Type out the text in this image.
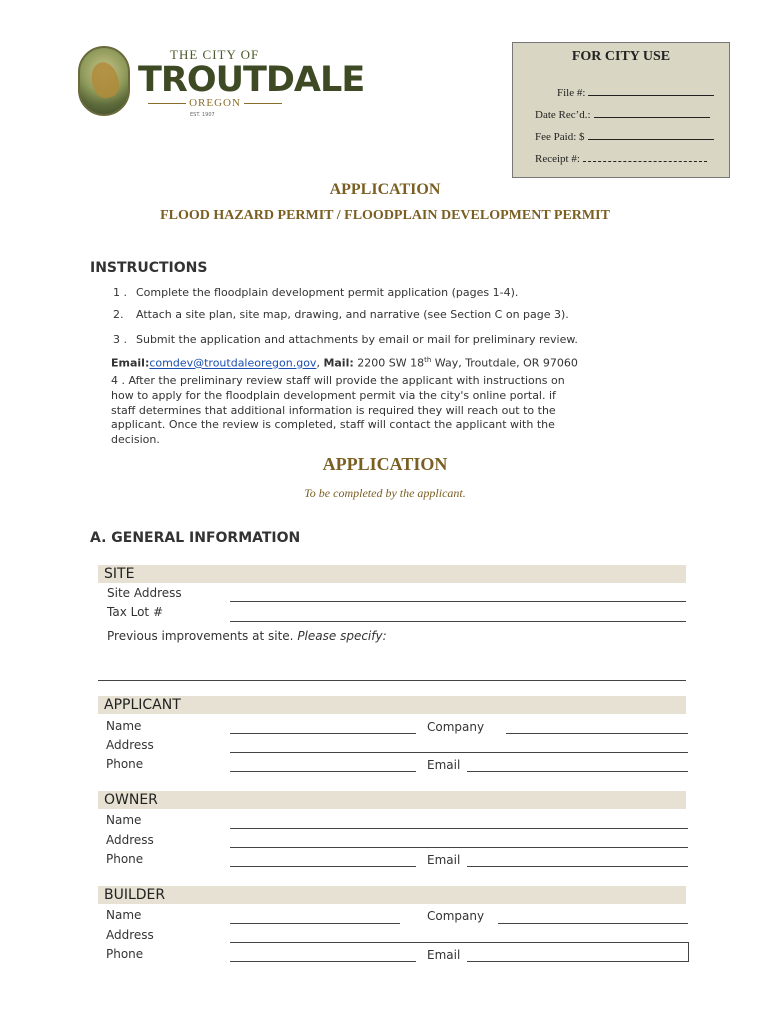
THE CITY OF
TROUTDALE
OREGON
EST. 1907
FOR CITY USE
File #:
Date Rec’d.:
Fee Paid: $
Receipt #:
APPLICATION
FLOOD HAZARD PERMIT / FLOODPLAIN DEVELOPMENT PERMIT
INSTRUCTIONS
1 . Complete the floodplain development permit application (pages 1-4).
2. Attach a site plan, site map, drawing, and narrative (see Section C on page 3).
3 . Submit the application and attachments by email or mail for preliminary review.
Email:comdev@troutdaleoregon.gov, Mail: 2200 SW 18th Way, Troutdale, OR 97060
4 . After the preliminary review staff will provide the applicant with instructions on
how to apply for the floodplain development permit via the city's online portal. if
staff determines that additional information is required they will reach out to the
applicant. Once the review is completed, staff will contact the applicant with the
decision.
APPLICATION
To be completed by the applicant.
A. GENERAL INFORMATION
SITE
Site Address
Tax Lot #
Previous improvements at site. Please specify:
APPLICANT
Name	Company
Address
Phone	Email
OWNER
Name
Address
Phone	Email
BUILDER
Name	Company
Address
Phone	Email
